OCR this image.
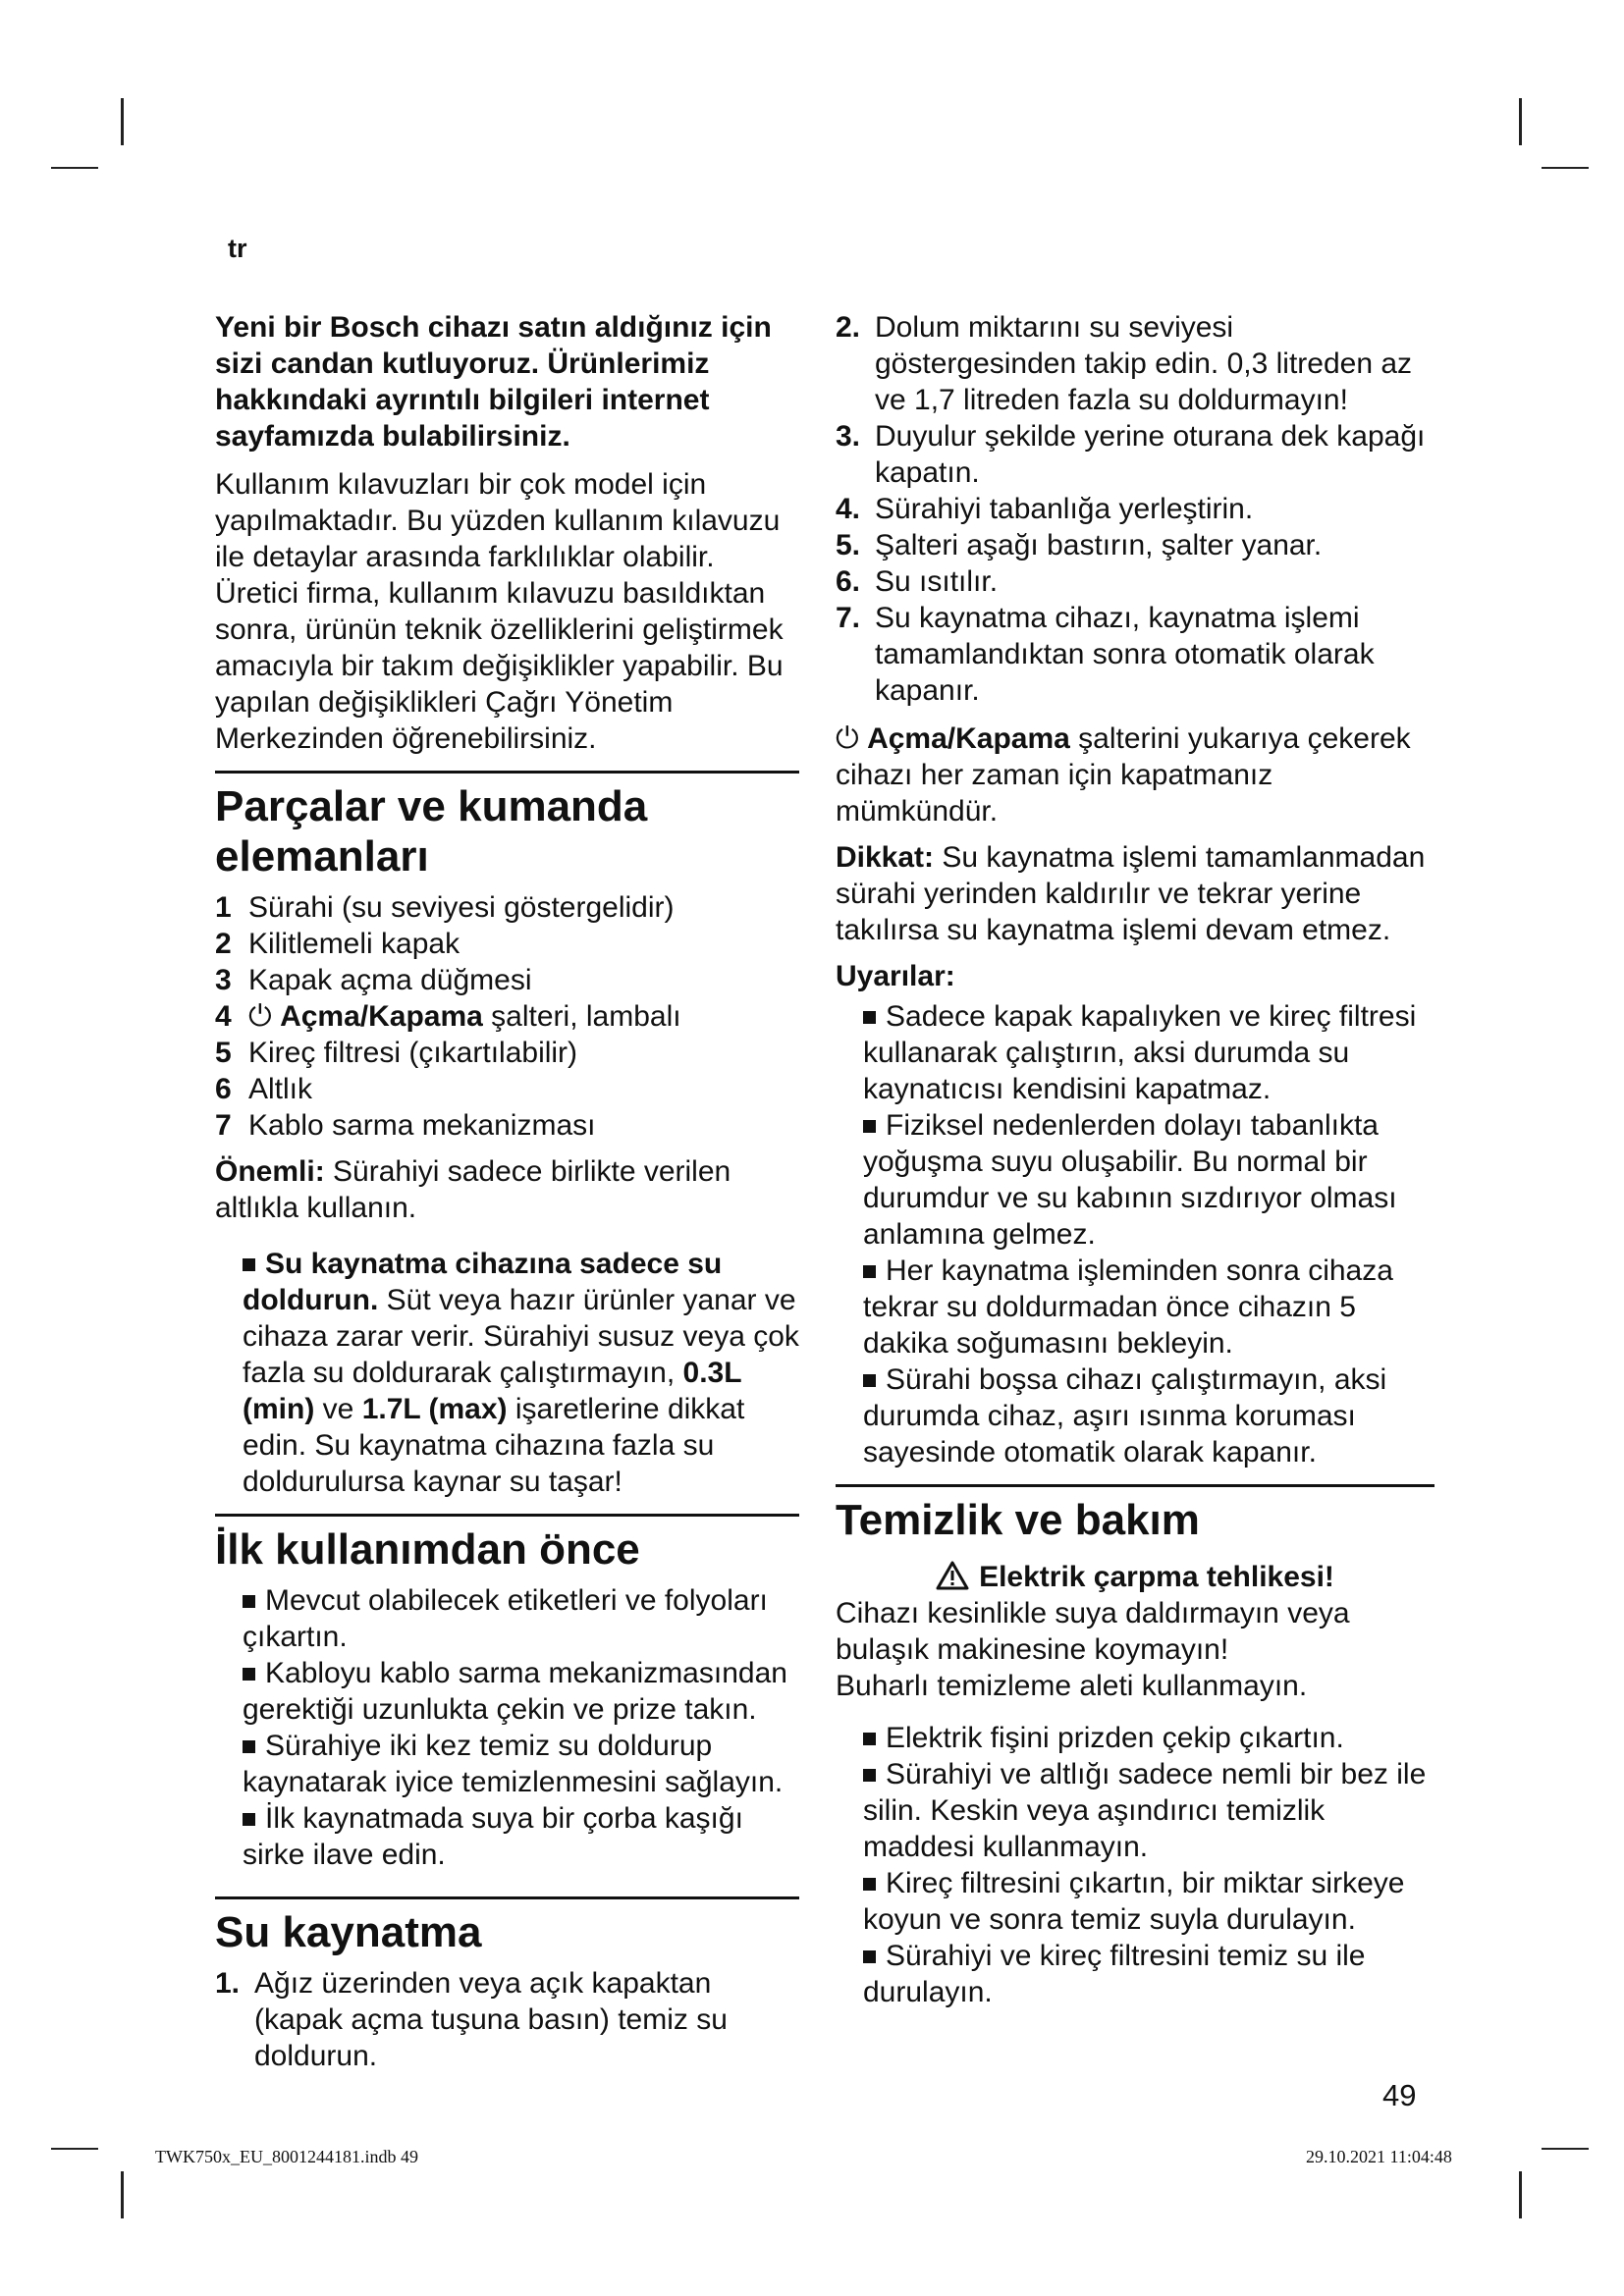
tr

Yeni bir Bosch cihazı satın aldığınız için sizi candan kutluyoruz. Ürünlerimiz hakkındaki ayrıntılı bilgileri internet sayfamızda bulabilirsiniz.

Kullanım kılavuzları bir çok model için yapılmaktadır. Bu yüzden kullanım kılavuzu ile detaylar arasında farklılıklar olabilir. Üretici firma, kullanım kılavuzu basıldıktan sonra, ürünün teknik özelliklerini geliştirmek amacıyla bir takım değişiklikler yapabilir. Bu yapılan değişiklikleri Çağrı Yönetim Merkezinden öğrenebilirsiniz.

Parçalar ve kumanda elemanları
1 Sürahi (su seviyesi göstergelidir)
2 Kilitlemeli kapak
3 Kapak açma düğmesi
4 ⏻ Açma/Kapama şalteri, lambalı
5 Kireç filtresi (çıkartılabilir)
6 Altlık
7 Kablo sarma mekanizması

Önemli: Sürahiyi sadece birlikte verilen altlıkla kullanın.

Su kaynatma cihazına sadece su doldurun. Süt veya hazır ürünler yanar ve cihaza zarar verir. Sürahiyi susuz veya çok fazla su doldurarak çalıştırmayın, 0.3L (min) ve 1.7L (max) işaretlerine dikkat edin. Su kaynatma cihazına fazla su doldurulursa kaynar su taşar!

İlk kullanımdan önce

Mevcut olabilecek etiketleri ve folyoları çıkartın.

Kabloyu kablo sarma mekanizmasından gerektiği uzunlukta çekin ve prize takın.

Sürahiye iki kez temiz su doldurup kaynatarak iyice temizlenmesini sağlayın.

İlk kaynatmada suya bir çorba kaşığı sirke ilave edin.

Su kaynatma
1. Ağız üzerinden veya açık kapaktan (kapak açma tuşuna basın) temiz su doldurun.
2. Dolum miktarını su seviyesi göstergesinden takip edin. 0,3 litreden az ve 1,7 litreden fazla su doldurmayın!
3. Duyulur şekilde yerine oturana dek kapağı kapatın.
4. Sürahiyi tabanlığa yerleştirin.
5. Şalteri aşağı bastırın, şalter yanar.
6. Su ısıtılır.
7. Su kaynatma cihazı, kaynatma işlemi tamamlandıktan sonra otomatik olarak kapanır.

⏻ Açma/Kapama şalterini yukarıya çekerek cihazı her zaman için kapatmanız mümkündür.

Dikkat: Su kaynatma işlemi tamamlanmadan sürahi yerinden kaldırılır ve tekrar yerine takılırsa su kaynatma işlemi devam etmez.

Uyarılar:

Sadece kapak kapalıyken ve kireç filtresi kullanarak çalıştırın, aksi durumda su kaynatıcısı kendisini kapatmaz.

Fiziksel nedenlerden dolayı tabanlıkta yoğuşma suyu oluşabilir. Bu normal bir durumdur ve su kabının sızdırıyor olması anlamına gelmez.

Her kaynatma işleminden sonra cihaza tekrar su doldurmadan önce cihazın 5 dakika soğumasını bekleyin.

Sürahi boşsa cihazı çalıştırmayın, aksi durumda cihaz, aşırı ısınma koruması sayesinde otomatik olarak kapanır.

Temizlik ve bakım
Elektrik çarpma tehlikesi!

Cihazı kesinlikle suya daldırmayın veya bulaşık makinesine koymayın!

Buharlı temizleme aleti kullanmayın.

Elektrik fişini prizden çekip çıkartın.

Sürahiyi ve altlığı sadece nemli bir bez ile silin. Keskin veya aşındırıcı temizlik maddesi kullanmayın.

Kireç filtresini çıkartın, bir miktar sirkeye koyun ve sonra temiz suyla durulayın.

Sürahiyi ve kireç filtresini temiz su ile durulayın.

49
TWK750x_EU_8001244181.indb 49	29.10.2021 11:04:48
